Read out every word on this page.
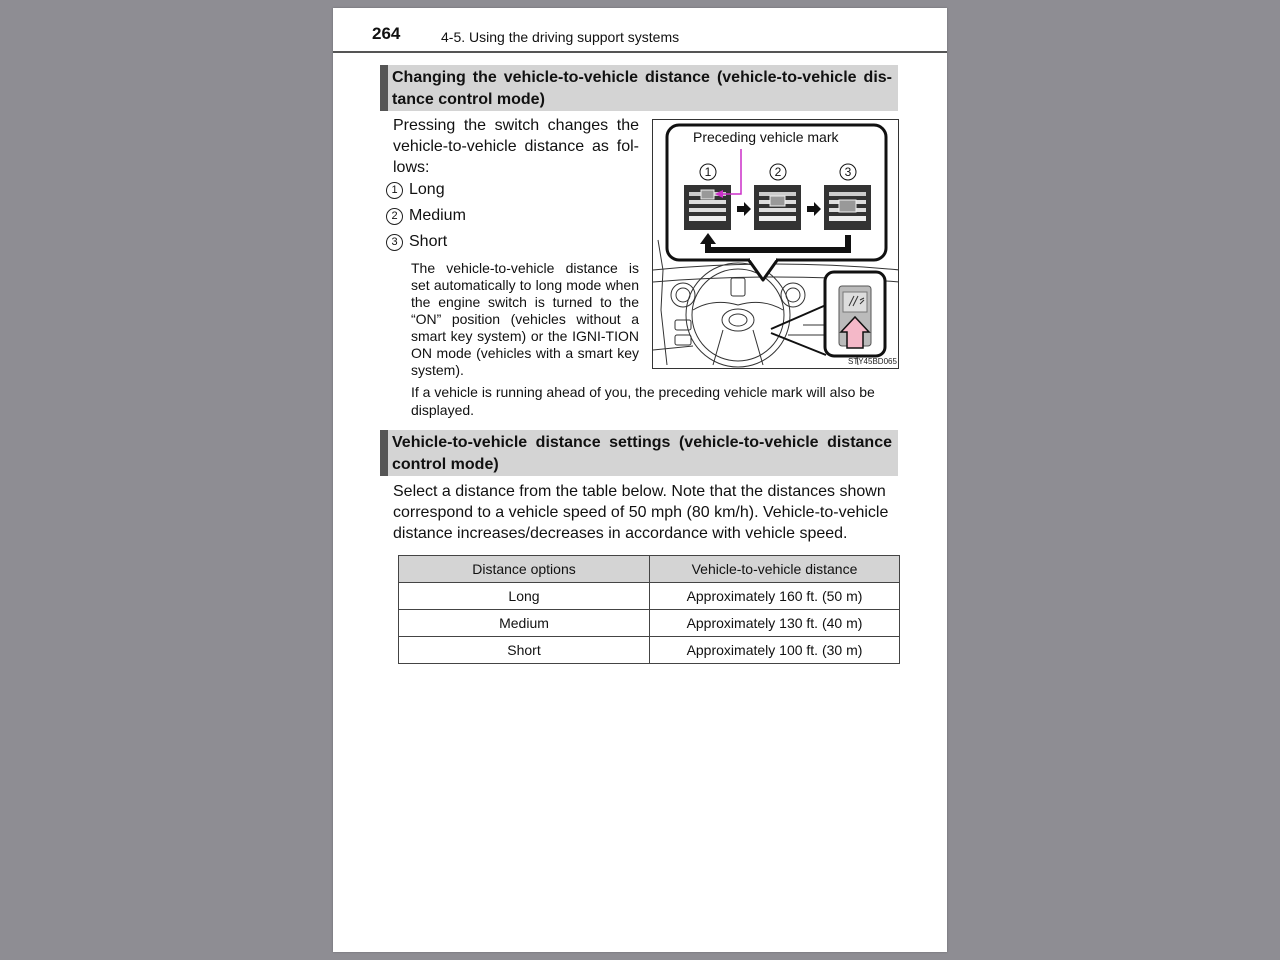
264	4-5. Using the driving support systems
Changing the vehicle-to-vehicle distance (vehicle-to-vehicle dis-tance control mode)
Pressing the switch changes the vehicle-to-vehicle distance as fol-lows:
1 Long
2 Medium
3 Short
The vehicle-to-vehicle distance is set automatically to long mode when the engine switch is turned to the “ON” position (vehicles without a smart key system) or the IGNI-TION ON mode (vehicles with a smart key system).
Preceding vehicle mark
1	2	3
STY45BD065
If a vehicle is running ahead of you, the preceding vehicle mark will also be displayed.
Vehicle-to-vehicle distance settings (vehicle-to-vehicle distance control mode)
Select a distance from the table below. Note that the distances shown correspond to a vehicle speed of 50 mph (80 km/h). Vehicle-to-vehicle distance increases/decreases in accordance with vehicle speed.
Distance options	Vehicle-to-vehicle distance
Long	Approximately 160 ft. (50 m)
Medium	Approximately 130 ft. (40 m)
Short	Approximately 100 ft. (30 m)
